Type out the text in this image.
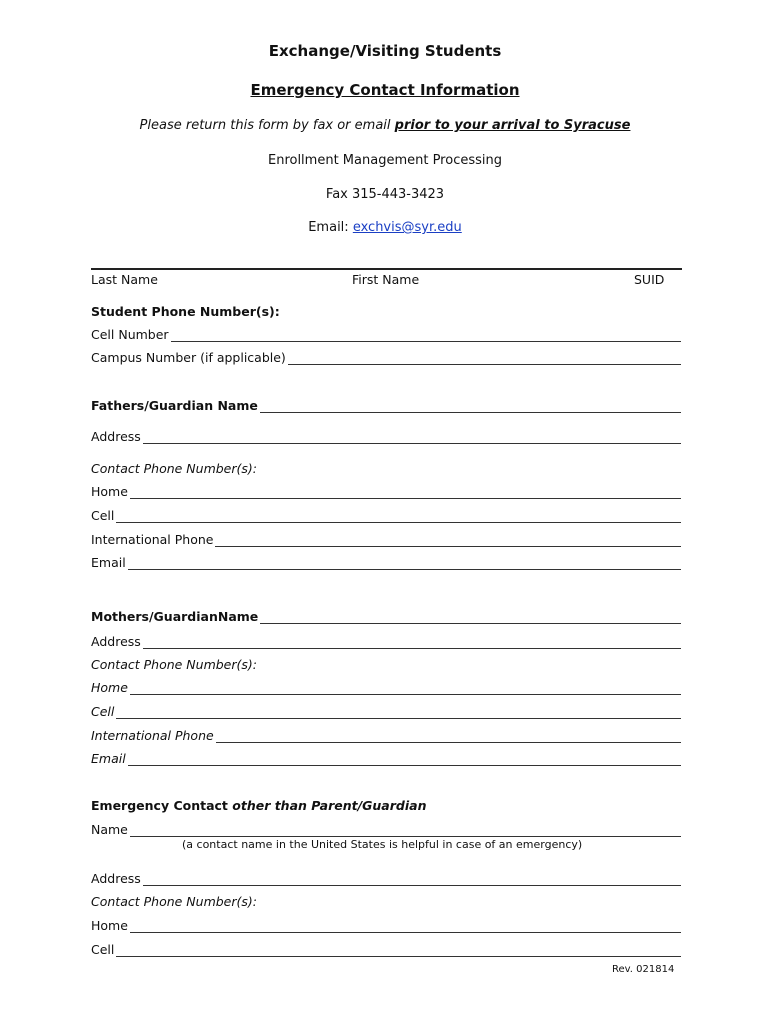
Exchange/Visiting Students
Emergency Contact Information
Please return this form by fax or email prior to your arrival to Syracuse
Enrollment Management Processing
Fax 315-443-3423
Email: exchvis@syr.edu
Last Name	First Name	SUID
Student Phone Number(s):
Cell Number
Campus Number (if applicable)
Fathers/Guardian Name
Address
Contact Phone Number(s):
Home
Cell
International Phone
Email
Mothers/GuardianName
Address
Contact Phone Number(s):
Home
Cell
International Phone
Email
Emergency Contact other than Parent/Guardian
Name
(a contact name in the United States is helpful in case of an emergency)
Address
Contact Phone Number(s):
Home
Cell
Rev. 021814
